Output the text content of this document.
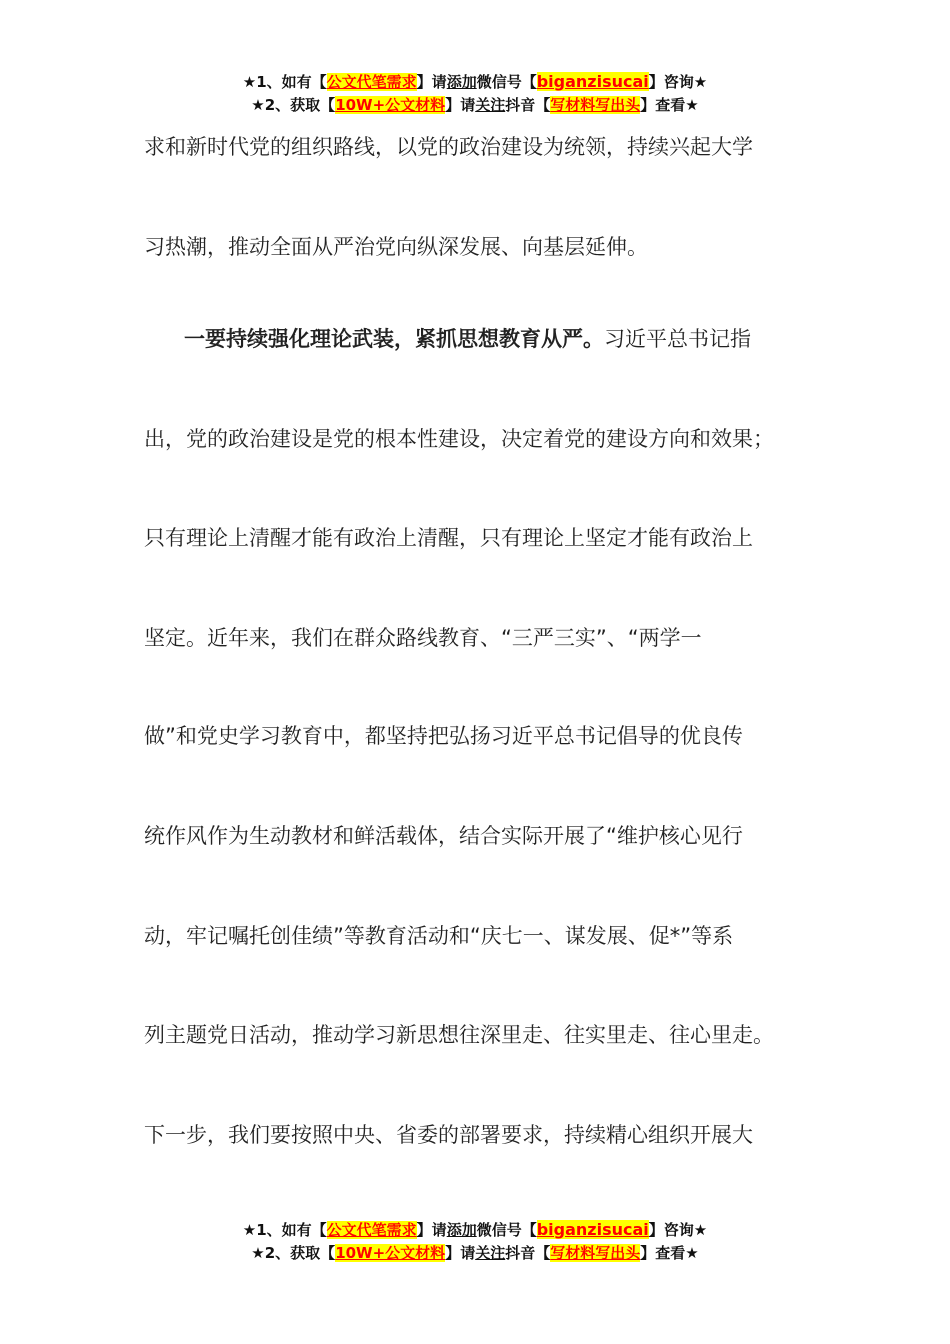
★1、如有【公文代笔需求】请添加微信号【biganzisucai】咨询★
★2、获取【10W+公文材料】请关注抖音【写材料写出头】查看★
求和新时代党的组织路线，以党的政治建设为统领，持续兴起大学
习热潮，推动全面从严治党向纵深发展、向基层延伸。
一要持续强化理论武装，紧抓思想教育从严。习近平总书记指
出，党的政治建设是党的根本性建设，决定着党的建设方向和效果；
只有理论上清醒才能有政治上清醒，只有理论上坚定才能有政治上
坚定。近年来，我们在群众路线教育、“三严三实”、“两学一
做”和党史学习教育中，都坚持把弘扬习近平总书记倡导的优良传
统作风作为生动教材和鲜活载体，结合实际开展了“维护核心见行
动，牢记嘱托创佳绩”等教育活动和“庆七一、谋发展、促*”等系
列主题党日活动，推动学习新思想往深里走、往实里走、往心里走。
下一步，我们要按照中央、省委的部署要求，持续精心组织开展大
★1、如有【公文代笔需求】请添加微信号【biganzisucai】咨询★
★2、获取【10W+公文材料】请关注抖音【写材料写出头】查看★
